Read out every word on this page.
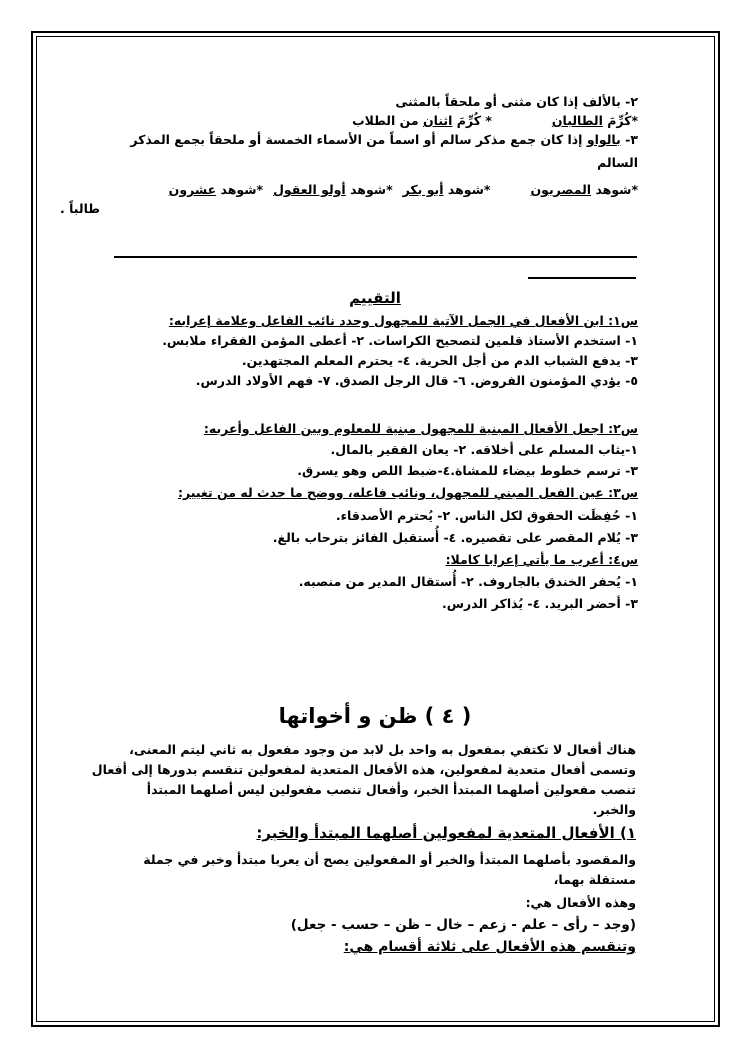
٢- بالألف إذا كان مثنى أو ملحقاً بالمثنى
*كُرِّمَ الطالبان* كُرِّمَ اثنان من الطلاب
٣- بالواو إذا كان جمع مذكر سالم أو اسماً من الأسماء الخمسة أو ملحقاً بجمع المذكر
السالم
*شوهد المصريون*شوهد أبو بكر*شوهد أولو العقول*شوهد عشرون
طالباً .
التقييم
س١: ابن الأفعال في الجمل الآتية للمجهول وحدد نائب الفاعل وعلامة إعرابه:
١- استخدم الأستاذ قلمين لتصحيح الكراسات. ٢- أعطى المؤمن الفقراء ملابس.
٣- يدفع الشباب الدم من أجل الحرية. ٤- يحترم المعلم المجتهدين.
٥- يؤدي المؤمنون الفروض. ٦- قال الرجل الصدق. ٧- فهم الأولاد الدرس.
س٢: اجعل الأفعال المبنية للمجهول مبنية للمعلوم وبين الفاعل وأعربه:
١-يثاب المسلم على أخلاقه. ٢- يعان الفقير بالمال.
٣- ترسم خطوط بيضاء للمشاة.٤-ضبط اللص وهو يسرق.
س٣: عين الفعل المبني للمجهول، ونائب فاعله، ووضح ما حدث له من تغيير:
١- حُفِظَت الحقوق لكل الناس. ٢- يُحترم الأصدقاء.
٣- يُلام المقصر على تقصيره. ٤- أُستقبل الفائز بترحاب بالغ.
س٤: أعرب ما يأتي إعرابا كاملا:
١- يُحفر الخندق بالجاروف. ٢- أُستقال المدير من منصبه.
٣- أحضر البريد. ٤- يُذاكر الدرس.
( ٤ ) ظن و أخواتها
هناك أفعال لا تكتفي بمفعول به واحد بل لابد من وجود مفعول به ثاني ليتم المعنى،
وتسمى أفعال متعدية لمفعولين، هذه الأفعال المتعدية لمفعولين تنقسم بدورها إلى أفعال
تنصب مفعولين أصلهما المبتدأ الخبر، وأفعال تنصب مفعولين ليس أصلهما المبتدأ
والخبر.
١) الأفعال المتعدية لمفعولين أصلهما المبتدأ والخبر:
والمقصود بأصلهما المبتدأ والخبر أو المفعولين يصح أن يعربا مبتدأ وخبر في جملة
مستقلة بهما،
وهذه الأفعال هي:
(وجد – رأى – علم - زعم – خال – ظن – حسب - جعل)
وتنقسم هذه الأفعال على ثلاثة أقسام هي:
